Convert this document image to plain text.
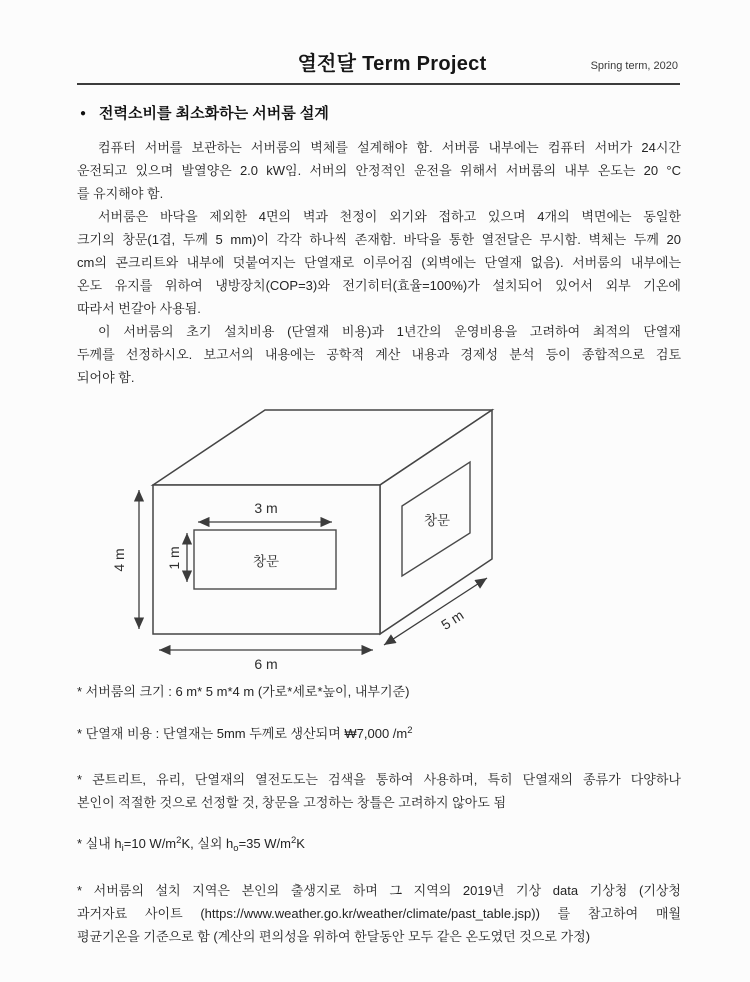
열전달 Term Project	Spring term, 2020
● 전력소비를 최소화하는 서버룸 설계
컴퓨터 서버를 보관하는 서버룸의 벽체를 설계해야 함. 서버룸 내부에는 컴퓨터 서버가 24시간
운전되고 있으며 발열양은 2.0 kW임. 서버의 안정적인 운전을 위해서 서버룸의 내부 온도는 20 °C
를 유지해야 함.
서버룸은 바닥을 제외한 4면의 벽과 천정이 외기와 접하고 있으며 4개의 벽면에는 동일한
크기의 창문(1겹, 두께 5 mm)이 각각 하나씩 존재함. 바닥을 통한 열전달은 무시함. 벽체는 두께 20
cm의 콘크리트와 내부에 덧붙여지는 단열재로 이루어짐 (외벽에는 단열재 없음). 서버룸의 내부에는
온도 유지를 위하여 냉방장치(COP=3)와 전기히터(효율=100%)가 설치되어 있어서 외부 기온에
따라서 번갈아 사용됨.
이 서버룸의 초기 설치비용 (단열재 비용)과 1년간의 운영비용을 고려하여 최적의 단열재
두께를 선정하시오. 보고서의 내용에는 공학적 계산 내용과 경제성 분석 등이 종합적으로 검토
되어야 함.
창문
창문
4 m
3 m
1 m
6 m
5 m
* 서버룸의 크기 : 6 m* 5 m*4 m (가로*세로*높이, 내부기준)
* 단열재 비용 : 단열재는 5mm 두께로 생산되며 ₩7,000 $/m^2$
* 콘트리트, 유리, 단열재의 열전도도는 검색을 통하여 사용하며, 특히 단열재의 종류가 다양하나
본인이 적절한 것으로 선정할 것, 창문을 고정하는 창틀은 고려하지 않아도 됨
* 실내 $h_i=10$ $W/m^2K$, 실외 $h_o=35$ $W/m^2K$
* 서버룸의 설치 지역은 본인의 출생지로 하며 그 지역의 2019년 기상 data 기상청 (기상청
과거자료 사이트 (https://www.weather.go.kr/weather/climate/past_table.jsp)) 를 참고하여 매월
평균기온을 기준으로 함 (계산의 편의성을 위하여 한달동안 모두 같은 온도였던 것으로 가정)
